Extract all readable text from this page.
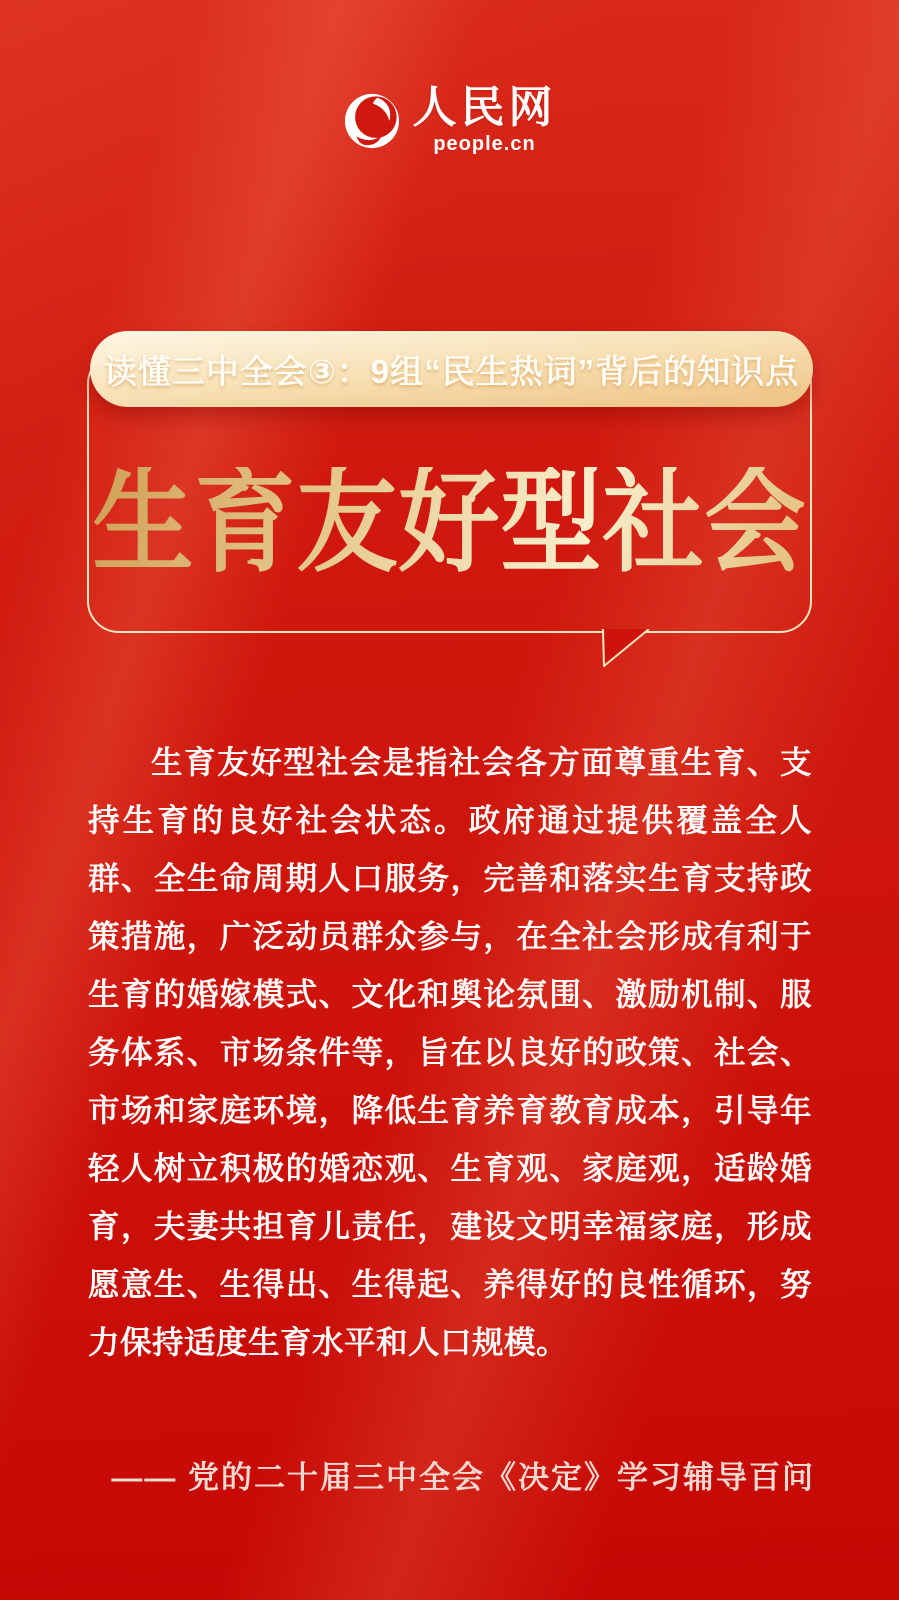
人民网
people.cn
读懂三中全会③：9组“民生热词”背后的知识点
生育友好型社会
生育友好型社会是指社会各方面尊重生育、支持生育的良好社会状态。政府通过提供覆盖全人群、全生命周期人口服务，完善和落实生育支持政策措施，广泛动员群众参与，在全社会形成有利于生育的婚嫁模式、文化和舆论氛围、激励机制、服务体系、市场条件等，旨在以良好的政策、社会、市场和家庭环境，降低生育养育教育成本，引导年轻人树立积极的婚恋观、生育观、家庭观，适龄婚育，夫妻共担育儿责任，建设文明幸福家庭，形成愿意生、生得出、生得起、养得好的良性循环，努力保持适度生育水平和人口规模。
—— 党的二十届三中全会《决定》学习辅导百问
